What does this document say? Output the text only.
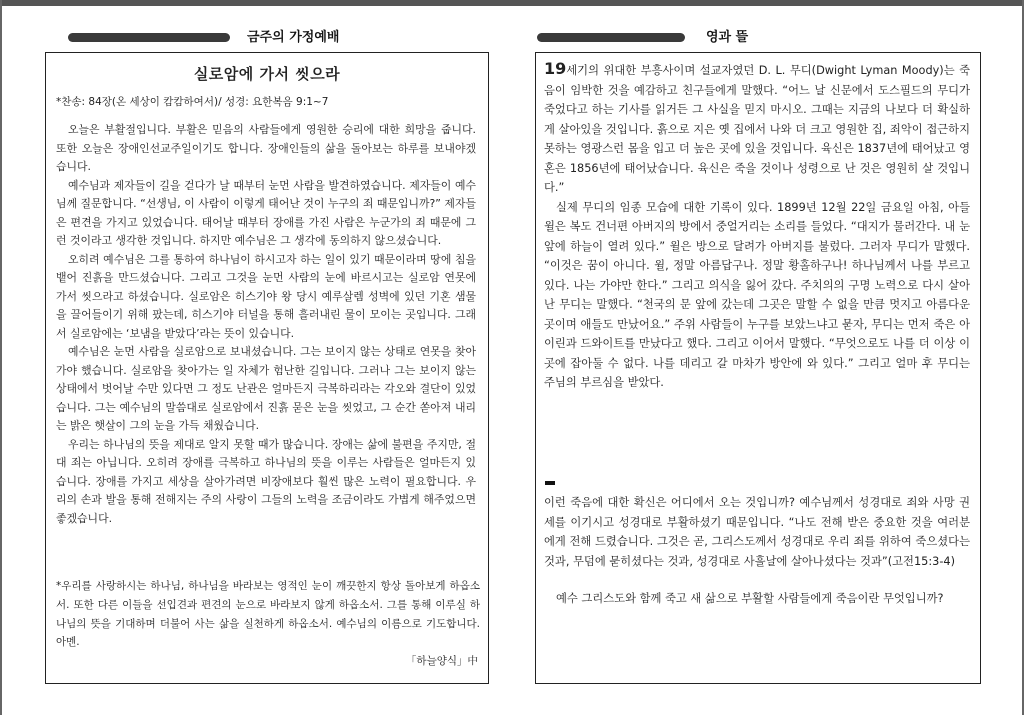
금주의 가정예배	영과 뜰
실로암에 가서 씻으라
*찬송: 84장(온 세상이 캄캄하여서)/ 성경: 요한복음 9:1~7

오늘은 부활절입니다. 부활은 믿음의 사람들에게 영원한 승리에 대한 희망을 줍니다. 또한 오늘은 장애인선교주일이기도 합니다. 장애인들의 삶을 돌아보는 하루를 보내야겠습니다.

예수님과 제자들이 길을 걷다가 날 때부터 눈먼 사람을 발견하였습니다. 제자들이 예수님께 질문합니다. “선생님, 이 사람이 이렇게 태어난 것이 누구의 죄 때문입니까?” 제자들은 편견을 가지고 있었습니다. 태어날 때부터 장애를 가진 사람은 누군가의 죄 때문에 그런 것이라고 생각한 것입니다. 하지만 예수님은 그 생각에 동의하지 않으셨습니다.

오히려 예수님은 그를 통하여 하나님이 하시고자 하는 일이 있기 때문이라며 땅에 침을 뱉어 진흙을 만드셨습니다. 그리고 그것을 눈먼 사람의 눈에 바르시고는 실로암 연못에 가서 씻으라고 하셨습니다. 실로암은 히스기야 왕 당시 예루살렘 성벽에 있던 기혼 샘물을 끌어들이기 위해 팠는데, 히스기야 터널을 통해 흘러내린 물이 모이는 곳입니다. 그래서 실로암에는 ‘보냄을 받았다’라는 뜻이 있습니다.

예수님은 눈먼 사람을 실로암으로 보내셨습니다. 그는 보이지 않는 상태로 연못을 찾아가야 했습니다. 실로암을 찾아가는 일 자체가 험난한 길입니다. 그러나 그는 보이지 않는 상태에서 벗어날 수만 있다면 그 정도 난관은 얼마든지 극복하리라는 각오와 결단이 있었습니다. 그는 예수님의 말씀대로 실로암에서 진흙 묻은 눈을 씻었고, 그 순간 쏟아져 내리는 밝은 햇살이 그의 눈을 가득 채웠습니다.

우리는 하나님의 뜻을 제대로 알지 못할 때가 많습니다. 장애는 삶에 불편을 주지만, 절대 죄는 아닙니다. 오히려 장애를 극복하고 하나님의 뜻을 이루는 사람들은 얼마든지 있습니다. 장애를 가지고 세상을 살아가려면 비장애보다 훨씬 많은 노력이 필요합니다. 우리의 손과 발을 통해 전해지는 주의 사랑이 그들의 노력을 조금이라도 가볍게 해주었으면 좋겠습니다.

*우리를 사랑하시는 하나님, 하나님을 바라보는 영적인 눈이 깨끗한지 항상 돌아보게 하옵소서. 또한 다른 이들을 선입견과 편견의 눈으로 바라보지 않게 하옵소서. 그를 통해 이루실 하나님의 뜻을 기대하며 더불어 사는 삶을 실천하게 하옵소서. 예수님의 이름으로 기도합니다. 아멘.
「하늘양식」中

19세기의 위대한 부흥사이며 설교자였던 D. L. 무디(Dwight Lyman Moody)는 죽음이 임박한 것을 예감하고 친구들에게 말했다. “어느 날 신문에서 도스필드의 무디가 죽었다고 하는 기사를 읽거든 그 사실을 믿지 마시오. 그때는 지금의 나보다 더 확실하게 살아있을 것입니다. 흙으로 지은 옛 집에서 나와 더 크고 영원한 집, 죄악이 접근하지 못하는 영광스런 몸을 입고 더 높은 곳에 있을 것입니다. 육신은 1837년에 태어났고 영혼은 1856년에 태어났습니다. 육신은 죽을 것이나 성령으로 난 것은 영원히 살 것입니다.”

실제 무디의 임종 모습에 대한 기록이 있다. 1899년 12월 22일 금요일 아침, 아들 윌은 복도 건너편 아버지의 방에서 중얼거리는 소리를 들었다. “대지가 물러간다. 내 눈 앞에 하늘이 열려 있다.” 윌은 방으로 달려가 아버지를 불렀다. 그러자 무디가 말했다. “이것은 꿈이 아니다. 윌, 정말 아름답구나. 정말 황홀하구나! 하나님께서 나를 부르고 있다. 나는 가야만 한다.” 그리고 의식을 잃어 갔다. 주치의의 구명 노력으로 다시 살아난 무디는 말했다. “천국의 문 앞에 갔는데 그곳은 말할 수 없을 만큼 멋지고 아름다운 곳이며 애들도 만났어요.” 주위 사람들이 누구를 보았느냐고 묻자, 무디는 먼저 죽은 아이린과 드와이트를 만났다고 했다. 그리고 이어서 말했다. “무엇으로도 나를 더 이상 이곳에 잡아둘 수 없다. 나를 데리고 갈 마차가 방안에 와 있다.” 그리고 얼마 후 무디는 주님의 부르심을 받았다.

이런 죽음에 대한 확신은 어디에서 오는 것입니까? 예수님께서 성경대로 죄와 사망 권세를 이기시고 성경대로 부활하셨기 때문입니다. “나도 전해 받은 중요한 것을 여러분에게 전해 드렸습니다. 그것은 곧, 그리스도께서 성경대로 우리 죄를 위하여 죽으셨다는 것과, 무덤에 묻히셨다는 것과, 성경대로 사흘날에 살아나셨다는 것과”(고전15:3-4)

예수 그리스도와 함께 죽고 새 삶으로 부활할 사람들에게 죽음이란 무엇입니까?
